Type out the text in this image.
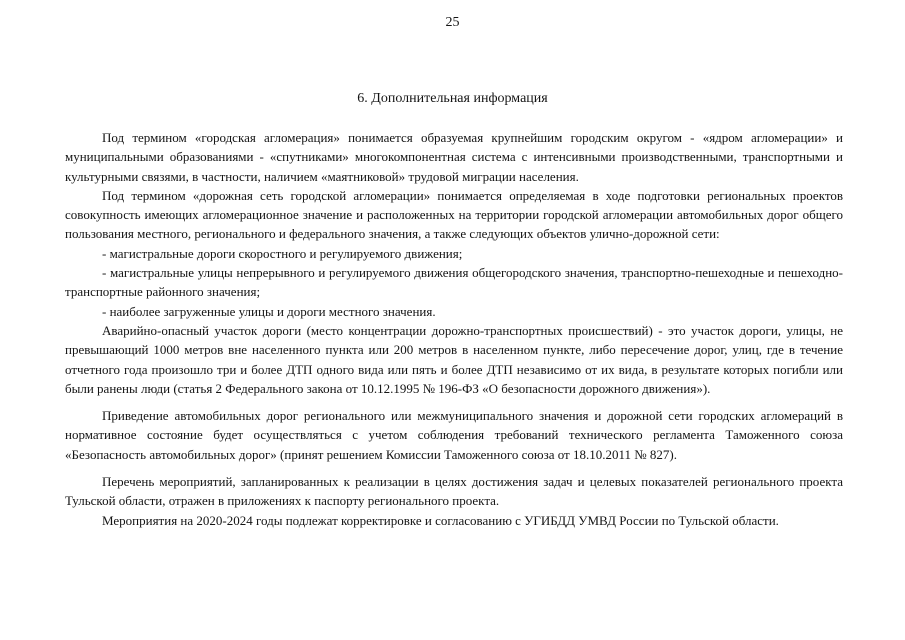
25
6. Дополнительная информация

Под термином «городская агломерация» понимается образуемая крупнейшим городским округом - «ядром агломерации» и муниципальными образованиями - «спутниками» многокомпонентная система с интенсивными производственными, транспортными и культурными связями, в частности, наличием «маятниковой» трудовой миграции населения.

Под термином «дорожная сеть городской агломерации» понимается определяемая в ходе подготовки региональных проектов совокупность имеющих агломерационное значение и расположенных на территории городской агломерации автомобильных дорог общего пользования местного, регионального и федерального значения, а также следующих объектов улично-дорожной сети:

- магистральные дороги скоростного и регулируемого движения;

- магистральные улицы непрерывного и регулируемого движения общегородского значения, транспортно-пешеходные и пешеходно-транспортные районного значения;

- наиболее загруженные улицы и дороги местного значения.

Аварийно-опасный участок дороги (место концентрации дорожно-транспортных происшествий) - это участок дороги, улицы, не превышающий 1000 метров вне населенного пункта или 200 метров в населенном пункте, либо пересечение дорог, улиц, где в течение отчетного года произошло три и более ДТП одного вида или пять и более ДТП независимо от их вида, в результате которых погибли или были ранены люди (статья 2 Федерального закона от 10.12.1995 № 196-ФЗ «О безопасности дорожного движения»).

Приведение автомобильных дорог регионального или межмуниципального значения и дорожной сети городских агломераций в нормативное состояние будет осуществляться с учетом соблюдения требований технического регламента Таможенного союза «Безопасность автомобильных дорог» (принят решением Комиссии Таможенного союза от 18.10.2011 № 827).

Перечень мероприятий, запланированных к реализации в целях достижения задач и целевых показателей регионального проекта Тульской области, отражен в приложениях к паспорту регионального проекта.

Мероприятия на 2020-2024 годы подлежат корректировке и согласованию с УГИБДД УМВД России по Тульской области.
